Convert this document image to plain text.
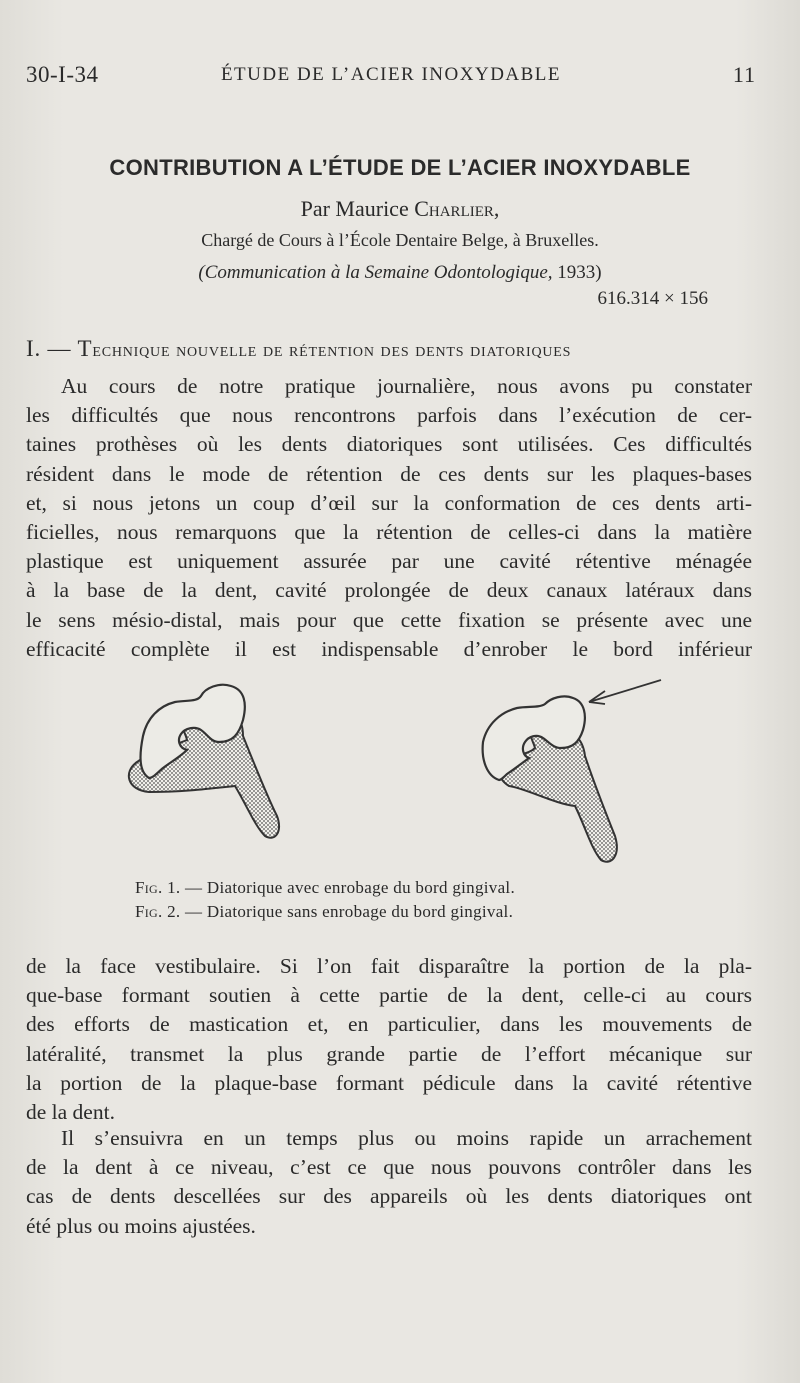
30-I-34	ÉTUDE DE L’ACIER INOXYDABLE	11
CONTRIBUTION A L’ÉTUDE DE L’ACIER INOXYDABLE
Par Maurice Charlier,
Chargé de Cours à l’École Dentaire Belge, à Bruxelles.
(Communication à la Semaine Odontologique, 1933)
616.314 × 156
I. — Technique nouvelle de rétention des dents diatoriques
Au cours de notre pratique journalière, nous avons pu constater
les difficultés que nous rencontrons parfois dans l’exécution de cer-
taines prothèses où les dents diatoriques sont utilisées. Ces difficultés
résident dans le mode de rétention de ces dents sur les plaques-bases
et, si nous jetons un coup d’œil sur la conformation de ces dents arti-
ficielles, nous remarquons que la rétention de celles-ci dans la matière
plastique est uniquement assurée par une cavité rétentive ménagée
à la base de la dent, cavité prolongée de deux canaux latéraux dans
le sens mésio-distal, mais pour que cette fixation se présente avec une
efficacité complète il est indispensable d’enrober le bord inférieur
Fig. 1. — Diatorique avec enrobage du bord gingival.
Fig. 2. — Diatorique sans enrobage du bord gingival.
de la face vestibulaire. Si l’on fait disparaître la portion de la pla-
que-base formant soutien à cette partie de la dent, celle-ci au cours
des efforts de mastication et, en particulier, dans les mouvements de
latéralité, transmet la plus grande partie de l’effort mécanique sur
la portion de la plaque-base formant pédicule dans la cavité rétentive
de la dent.
Il s’ensuivra en un temps plus ou moins rapide un arrachement
de la dent à ce niveau, c’est ce que nous pouvons contrôler dans les
cas de dents descellées sur des appareils où les dents diatoriques ont
été plus ou moins ajustées.
